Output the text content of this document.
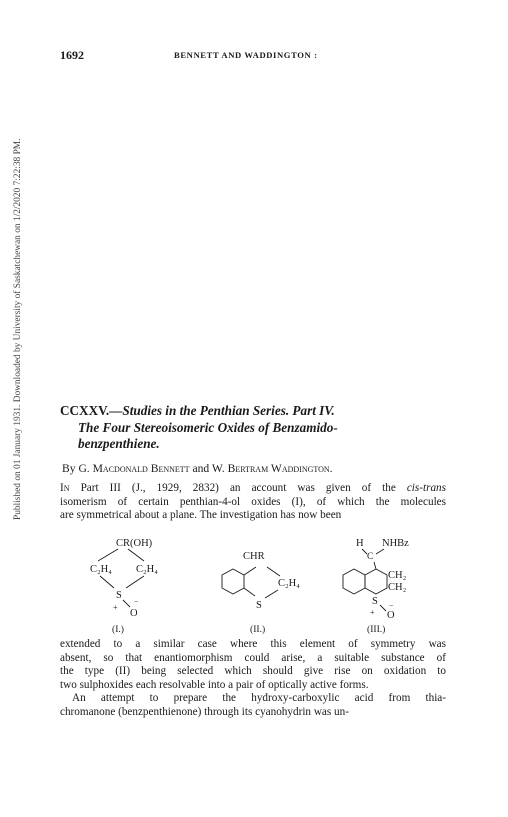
Published on 01 January 1931. Downloaded by University of Saskatchewan on 1/2/2020 7:22:38 PM.
1692	BENNETT AND WADDINGTON :
CCXXV.—Studies in the Penthian Series. Part IV.
The Four Stereoisomeric Oxides of Benzamido-
benzpenthiene.
By G. Macdonald Bennett and W. Bertram Waddington.
In Part III (J., 1929, 2832) an account was given of the cis-trans
isomerism of certain penthian-4-ol oxides (I), of which the molecules
are symmetrical about a plane. The investigation has now been
CR(OH)
C₂H₄ C₂H₄
S
+
−
O
(I.)
CHR
C₂H₄
S
(II.)
H NHBz
C
CH₂
CH₂
S
+
−
O
(III.)
extended to a similar case where this element of symmetry was
absent, so that enantiomorphism could arise, a suitable substance of
the type (II) being selected which should give rise on oxidation to
two sulphoxides each resolvable into a pair of optically active forms.
An attempt to prepare the hydroxy-carboxylic acid from thia-
chromanone (benzpenthienone) through its cyanohydrin was un-
